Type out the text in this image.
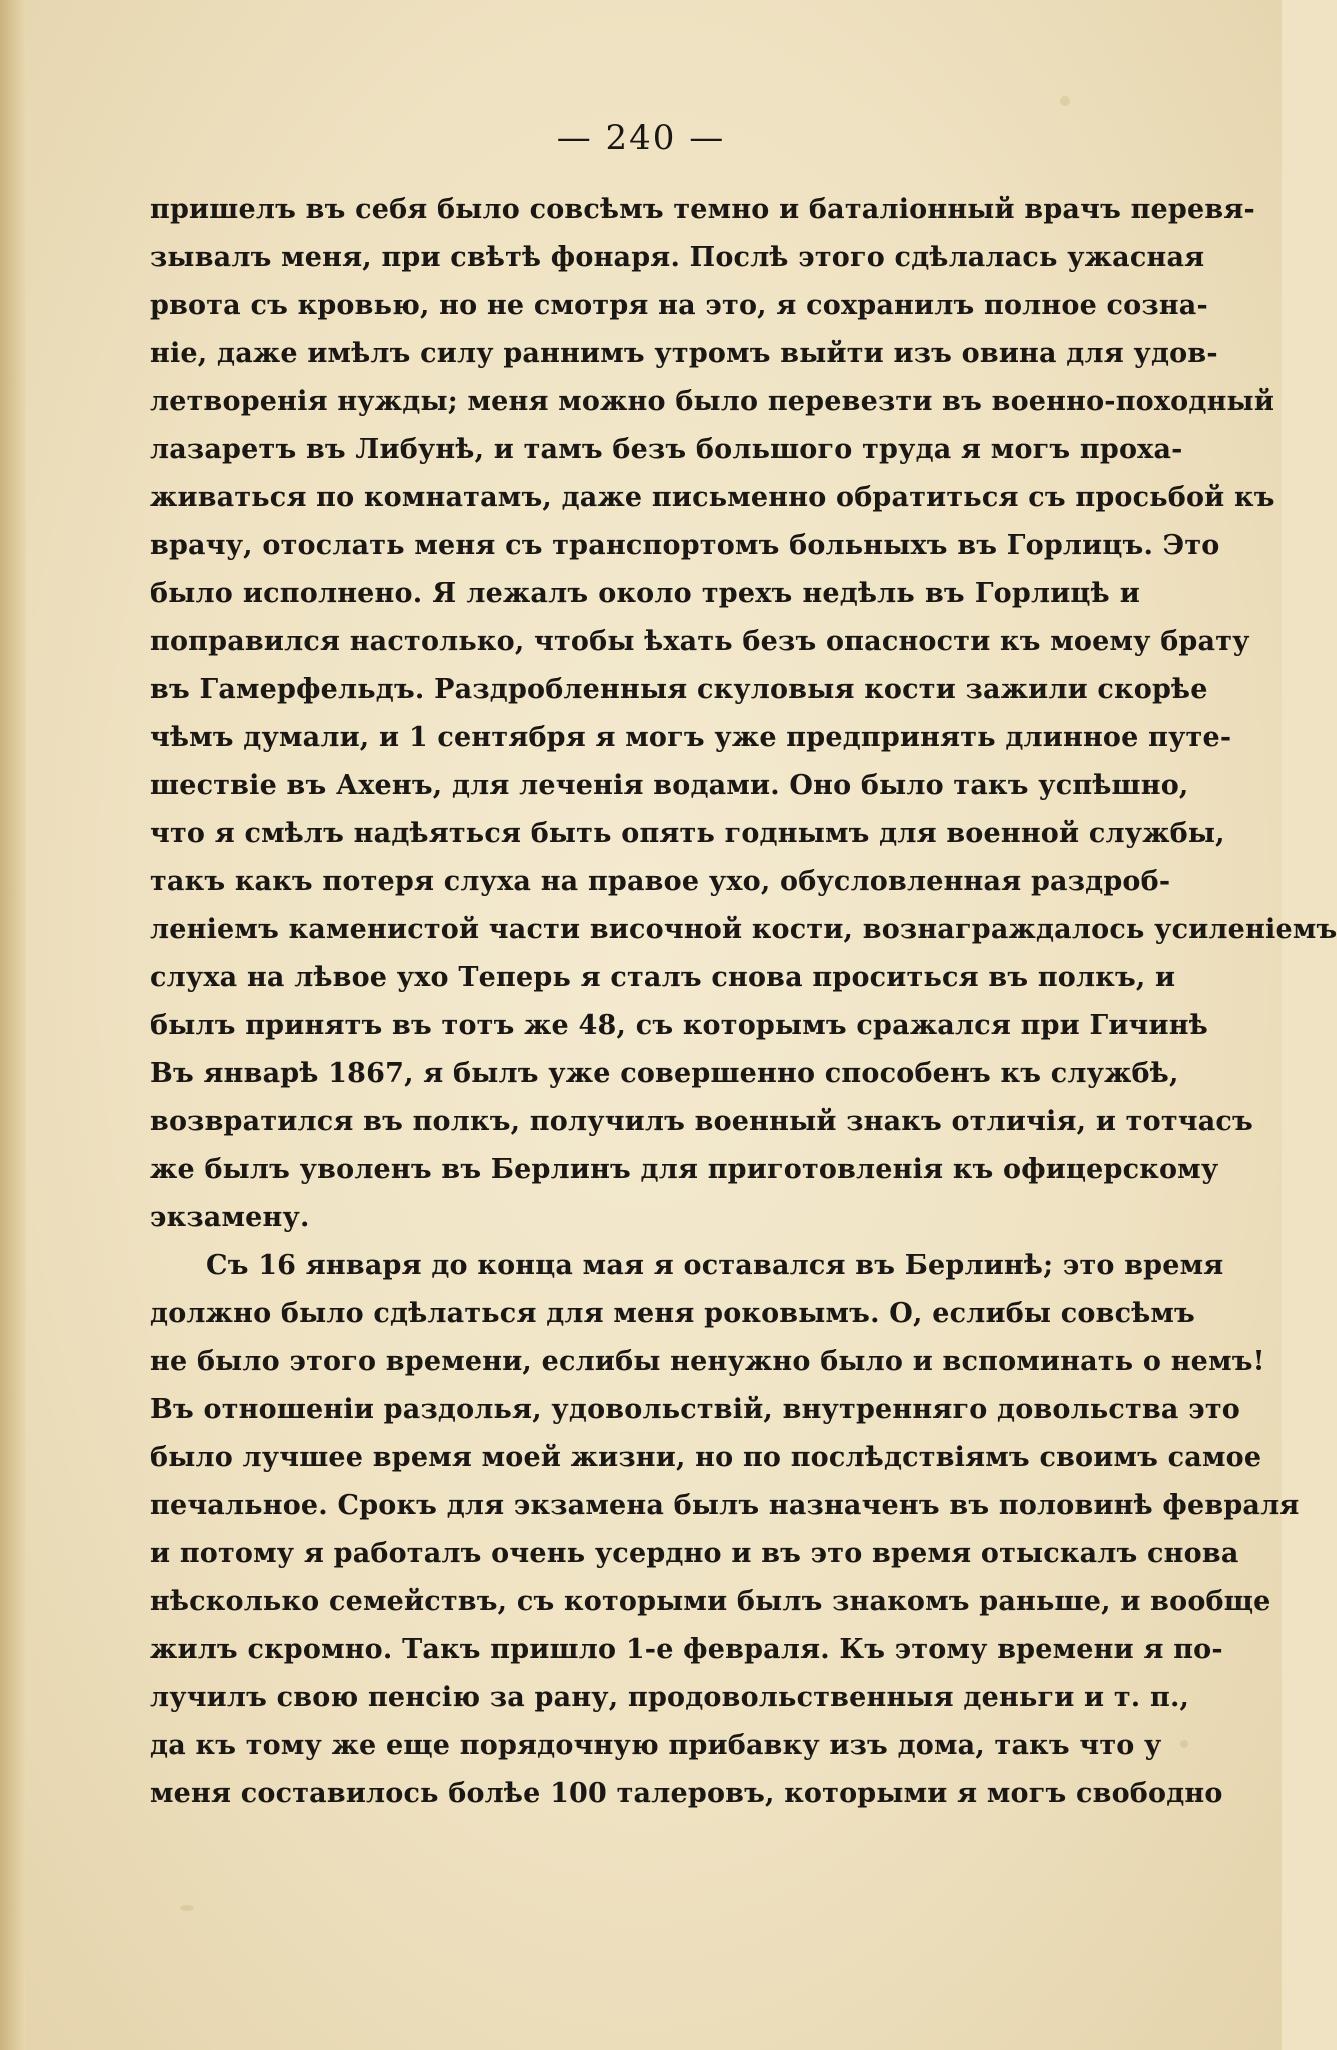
— 240 —
пришелъ въ себя было совсѣмъ темно и баталіонный врачъ перевя-
зывалъ меня, при свѣтѣ фонаря. Послѣ этого сдѣлалась ужасная
рвота съ кровью, но не смотря на это, я сохранилъ полное созна-
ніе, даже имѣлъ силу раннимъ утромъ выйти изъ овина для удов-
летворенія нужды; меня можно было перевезти въ военно-походный
лазаретъ въ Либунѣ, и тамъ безъ большого труда я могъ проха-
живаться по комнатамъ, даже письменно обратиться съ просьбой къ
врачу, отослать меня съ транспортомъ больныхъ въ Горлицъ. Это
было исполнено. Я лежалъ около трехъ недѣль въ Горлицѣ и
поправился настолько, чтобы ѣхать безъ опасности къ моему брату
въ Гамерфельдъ. Раздробленныя скуловыя кости зажили скорѣе
чѣмъ думали, и 1 сентября я могъ уже предпринять длинное путе-
шествіе въ Ахенъ, для леченія водами. Оно было такъ успѣшно,
что я смѣлъ надѣяться быть опять годнымъ для военной службы,
такъ какъ потеря слуха на правое ухо, обусловленная раздроб-
леніемъ каменистой части височной кости, вознаграждалось усиленіемъ
слуха на лѣвое ухо Теперь я сталъ снова проситься въ полкъ, и
былъ принятъ въ тотъ же 48, съ которымъ сражался при Гичинѣ
Въ январѣ 1867, я былъ уже совершенно способенъ къ службѣ,
возвратился въ полкъ, получилъ военный знакъ отличія, и тотчасъ
же былъ уволенъ въ Берлинъ для приготовленія къ офицерскому
экзамену.
Съ 16 января до конца мая я оставался въ Берлинѣ; это время
должно было сдѣлаться для меня роковымъ. О, еслибы совсѣмъ
не было этого времени, еслибы ненужно было и вспоминать о немъ!
Въ отношеніи раздолья, удовольствій, внутренняго довольства это
было лучшее время моей жизни, но по послѣдствіямъ своимъ самое
печальное. Срокъ для экзамена былъ назначенъ въ половинѣ февраля
и потому я работалъ очень усердно и въ это время отыскалъ снова
нѣсколько семействъ, съ которыми былъ знакомъ раньше, и вообще
жилъ скромно. Такъ пришло 1-е февраля. Къ этому времени я по-
лучилъ свою пенсію за рану, продовольственныя деньги и т. п.,
да къ тому же еще порядочную прибавку изъ дома, такъ что у
меня составилось болѣе 100 талеровъ, которыми я могъ свободно
